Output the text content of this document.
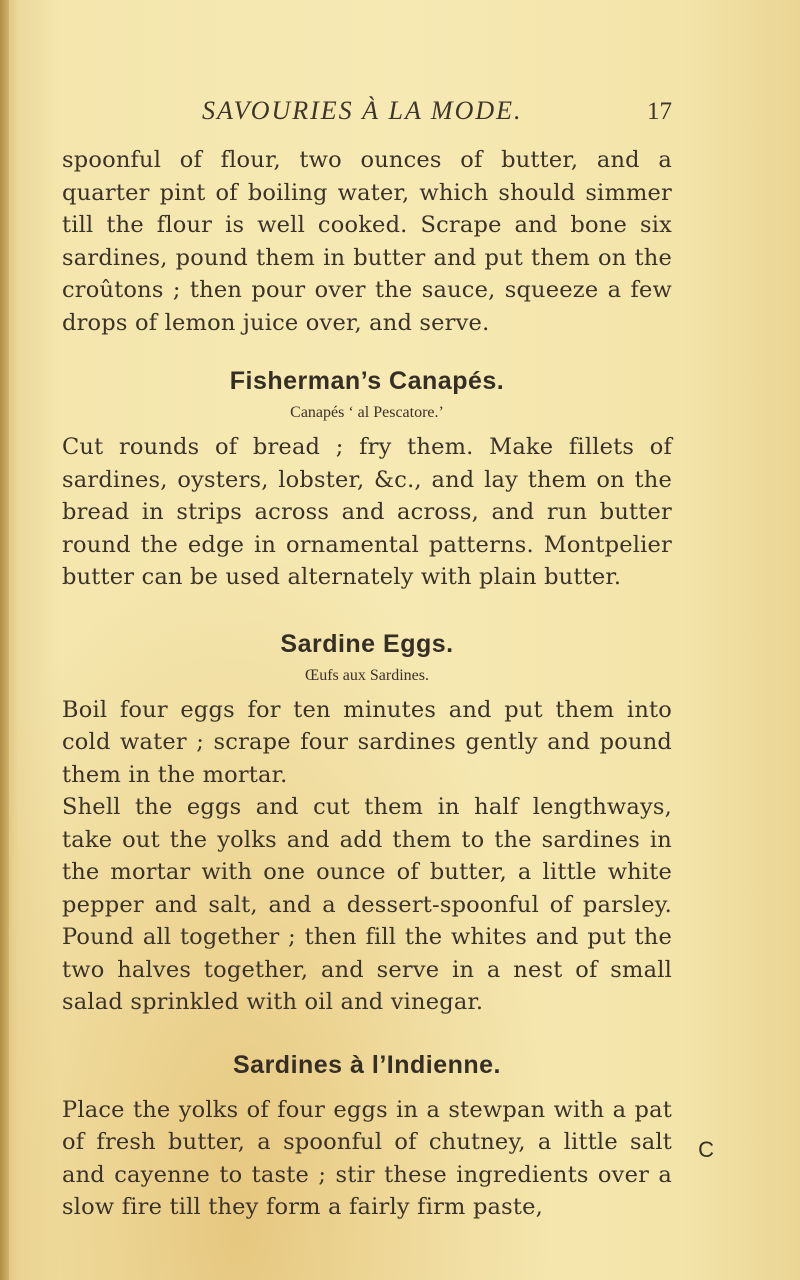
SAVOURIES À LA MODE.	17

spoonful of flour, two ounces of butter, and a quarter pint of boiling water, which should simmer till the flour is well cooked. Scrape and bone six sardines, pound them in butter and put them on the croûtons ; then pour over the sauce, squeeze a few drops of lemon juice over, and serve.

Fisherman’s Canapés.
Canapés ‘ al Pescatore.’

Cut rounds of bread ; fry them. Make fillets of sardines, oysters, lobster, &c., and lay them on the bread in strips across and across, and run butter round the edge in ornamental patterns. Montpelier butter can be used alternately with plain butter.

Sardine Eggs.
Œufs aux Sardines.

Boil four eggs for ten minutes and put them into cold water ; scrape four sardines gently and pound them in the mortar.

Shell the eggs and cut them in half lengthways, take out the yolks and add them to the sardines in the mortar with one ounce of butter, a little white pepper and salt, and a dessert-spoonful of parsley. Pound all together ; then fill the whites and put the two halves together, and serve in a nest of small salad sprinkled with oil and vinegar.

Sardines à l’Indienne.

Place the yolks of four eggs in a stewpan with a pat of fresh butter, a spoonful of chutney, a little salt and cayenne to taste ; stir these ingredients over a slow fire till they form a fairly firm paste,

C
